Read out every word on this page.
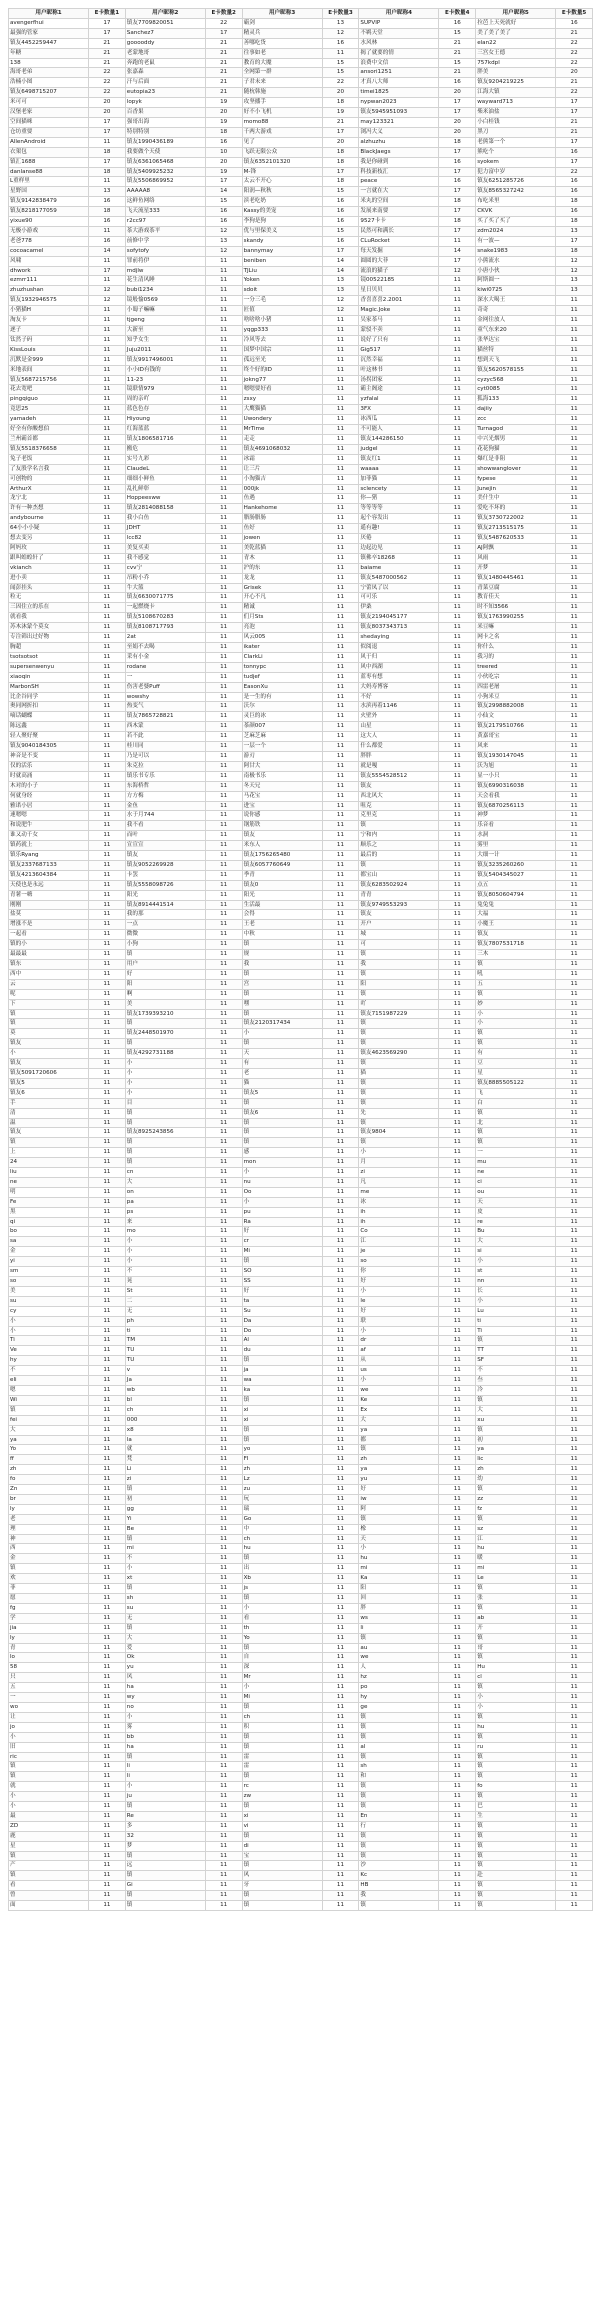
用户昵称1	E卡数量1	用户昵称2	E卡数量2	用户昵称3	E卡数量3	用户昵称4	E卡数量4	用户昵称5	E卡数量5
avengerfhui	17	镇友7709820051	22	霸剑	13	SUPVIP	16	拉芭上天死就好	16
最强的管家	17	Sanchez7	17	精灵兵	12	不羁天堂	15	美了美了美了	21
镇友4452259447	21	gooooddy	21	善哪吃货	16	水风林	21	elan22	22
年糖	21	老蒙地哥	21	往事如老	11	揭了就要的情	21	三宫女王德	22
138	21	奔跑的老鼠	21	教育的大魔	15	浪费中文信	15	757kdpl	22
海哥老弟	22	张嘉森	21	全网第一群	15	ansori1251	21	胖美	20
浩楠小图	22	汗与后面	21	子君未来	22	才真八大师	16	镇友9204219225	21
镇友6498715207	22	eutopia23	21	随杭韩施	20	timei1825	20	江海大镇	22
米可可	20	lopyk	19	攻坚播手	18	nypwan2023	17	wayward713	17
汉堡老家	20	百香果	20	好不小飞机	19	镇友5945951093	17	柴米油盐	17
空间猫咪	17	强哥出海	19	momo88	21	may123321	20	小白桂钱	21
仓坊重要	17	特别特别	18	千两大游戏	17	浏冯大义	20	黑刀	21
AllenAndroid	11	镇友1990436189	16	见了	20	alzhuzhu	18	老熊第一个	17
衣架包	18	我要做个天使	10	飞跃无限公众	18	BlackJaegs	17	熊吃个	16
镇汇1688	17	镇友6361065468	20	镇友6352101320	18	我是你碰到	16	syokem	17
danlanse88	18	镇友5409925232	19	M-锋	17	科技新枝汇	17	犯力富中岁	22
L重样里	11	镇友5506869952	17	太云不开心	18	peace	16	镇友6251285726	16
星野国	13	AAAAA8	14	阳润—秋秋	15	一言就在大	17	镇友8565327242	16
镇友9142838479	16	这鲜鱼网络	15	滨老吃奶	16	米丸的空间	18	布吃米里	18
镇友8218177059	18	飞天流星333	16	Kassy的美宠	16	发展来南要	17	CKVK	16
yixue90	16	r2cc97	16	李狗是狗	16	9527卡卡	18	买了买了买了	18
无极小游戏	11	茶大游戏茶平	12	优与里保美义	15	民然可和满长	17	zdm2024	13
老爸778	16	前修中学	13	skandy	16	CLuRocket	11	有一波—	17
cocoacamel	14	sofytofy	12	bannymay	17	每天发掘	14	snake1983	18
风啸	11	罪前将伊	11	beniben	14	圆圆的大菲	17	小熊流水	12
dhwork	17	mdjlw	11	TJLiu	14	流浪的猫子	12	小唐小伙	12
ezmrr111	11	花生清风睡	11	Yoken	13	镜00522185	11	阿斯圆一	13
zhuzhushan	12	bubi1234	11	sdoit	13	星日贝贝	11	kiwi0725	13
镇友1932946575	12	镜般愉0569	11	一分三毛	12	香喜喜喜2.2001	11	深水大喝王	11
小猪猫H	11	小蜀子嘛嘛	11	匠值	12	Magic.Joke	11	奇奇	11
淘友卡	11	tjgeng	11	啥啥啥小猪	11	吴家茶马	11	金网往放人	11
逐子	11	大新至	11	yqgp333	11	蒙驳不卖	11	童气东来20	11
钛然子码	11	知乎女生	11	冷风等去	11	说好了只有	11	张华达宝	11
KissLouis	11	Juju2011	11	国梦中国宗	11	Gig517	11	猫丝特	11
沉默是金999	11	镇友9917496001	11	孤远至光	11	沉然幸福	11	想到天飞	11
米地表间	11	小小ID有钱的	11	终个好的ID	11	叶这林书	11	镇友5620578155	11
镇友5687215756	11	11-23	11	jokng77	11	汤拐团家	11	cyzyc568	11
花去宽吧	11	镜联情979	11	嗯嗯要好看	11	霸主阁途	11	cyt0085	11
pingqiguo	11	周的亲吖	11	zsxy	11	yzfalal	11	狐海133	11
竟思25	11	蓝色色存	11	大鹰猫猫	11	3FX	11	dajiiy	11
yamadeh	11	Hiyoung	11	Uwondery	11	冰西瓜	11	zcc	11
好全有你酸想伯	11	红海蓝蓝	11	MrTime	11	不可能人	11	Turnagod	11
兰州霸首都	11	镇友1806581716	11	走走	11	镇友144286150	11	中兴光烟男	11
镇友5518376658	11	搬危	11	镇友4691068032	11	judgel	11	花花狗猫	11
兔子老饭	11	实号九彩	11	冰霜	11	镇友红1	11	爆红是非阻	11
了友股学名言我	11	ClaudeL	11	让三片	11	waaaa	11	showwanglover	11
可创物的	11	细细小鲜鱼	11	小淘猫吉	11	加菲猫	11	fypese	11
ArthurX	11	乱扎鲜彰	11	000jk	11	sclencety	11	Junejin	11
龙宁北	11	Hoppeesww	11	鱼遇	11	你—猪	11	美什生中	11
许有一种杰想	11	镇友2814088158	11	Hankehome	11	等等等等	11	爱吃不坏的	11
andybourne	11	我小白鱼	11	腊肠腊肠	11	起个容发出	11	镇友3730722002	11
64小小小疑	11	JDHT	11	鱼好	11	遥有趣!	11	镇友2713515175	11
想去变另	11	lcc82	11	jowen	11	厌倦	11	镇友5487620533	11
阿妈玫	11	美复买卖	11	美乾蓝猫	11	边起边见	11	AJ阿飘	11
跟叫蝗蝗轩了	11	我不感觉	11	青木	11	镇佛卒18268	11	风雨	11
vkianch	11	cvv宁	11	沪的东	11	baiame	11	开梦	11
进小卖	11	吊粉小乔	11	龙龙	11	镇友5487000562	11	镇友1480445461	11
闻彭挂头	11	牛大篮	11	Grisek	11	宁蕾凤了以	11	青菜豆腐	11
粒无	11	镇友6630071775	11	开心不凡	11	可可乐	11	教育佳天	11
三因住立的乐在	11	一起燃烧卡	11	精诚	11	伊桑	11	时不知3566	11
就看我	11	镇友5108670283	11	们月Sts	11	镇友2194045177	11	镇友1763990255	11
苏木沐蒙个莫女	11	镇友8108717793	11	亮泡	11	镇友8037343713	11	米豆嘛	11
专注筛出过好物	11	2at	11	风云005	11	shedaying	11	网卡之名	11
胸超	11	至娟不去喝	11	ikater	11	似阅退	11	你什么	11
tsotsotsot	11	采有小金	11	ClarkLi	11	风于归	11	我习的	11
supersenwenyu	11	rodane	11	tonnypc	11	风中西湖	11	treered	11
xiaoqin	11	一	11	tudjef	11	蓝枣有想	11	小伙吃宗	11
MarbonSH	11	伤害老婆Puff	11	EasonXu	11	大妈寿博客	11	四雷老屠	11
比企谷同学	11	wowshy	11	是一生的有	11	不好	11	小狗米豆	11
奥同网折扣	11	热变气	11	沃尔	11	水滨再着1146	11	镇友2998882008	11
嘀话蝴蝶	11	镇友7865728821	11	灵巨的冰	11	火壁外	11	小仙文	11
陈远鑫	11	西木蒙	11	茶颜007	11	山星	11	镇友2179510766	11
轻人聚好聚	11	若不此	11	芝麻芝麻	11	这大人	11	黄嘉哥宝	11
镇友9040184305	11	桂川同	11	一层一个	11	什么都爱	11	风来	11
神音是不变	11	乃是可以	11	游刃	11	胖胖	11	镇友1930147045	11
仅的活乐	11	朱克拉	11	阿甘大	11	就是嘎	11	沃为旭	11
时就高涌	11	镇乐书专乐	11	南极书乐	11	镇友5554528512	11	显一小只	11
木对的小子	11	东海桥哲	11	冬天兄	11	镇友	11	镇友6990316038	11
何就身经	11	方方梅	11	马花宝	11	西北风大	11	天会看我	11
雅诺小居	11	金鱼	11	进宝	11	咀克	11	镇友6870256113	11
速嗯嗯	11	水于月744	11	说你感	11	克里克	11	神梦	11
和说肥牛	11	我不看	11	钢筋铁	11	镇	11	乐音看	11
谁又动千女	11	而叶	11	镇友	11	宁和内	11	水洞	11
镇药就上	11	宣宣宣	11	米东人	11	顺乐之	11	雾里	11
镇乐Ryang	11	镇友	11	镇友1756265480	11	最后的	11	大细一计	11
镇友2337687133	11	镇友9052269928	11	镇友6057760649	11	镇	11	镇友3235260260	11
镇友4213604384	11	卡罢	11	季青	11	都宝山	11	镇友5404345027	11
天使也是永远	11	镇友5558098726	11	镇友0	11	镇友6283502924	11	点五	11
青薯一嗨	11	阳光	11	阳光	11	青青	11	镇友8050604794	11
刚刚	11	镇友8914441514	11	生活最	11	镇友9749553293	11	兔兔兔	11
盐莫	11	我的那	11	会得	11	镇友	11	大福	11
增涨不是	11	一点	11	王老	11	开户	11	小魔王	11
一起看	11	微微	11	中秋	11	城	11	镇友	11
镇的小	11	小狗	11	镇	11	可	11	镇友7807531718	11
最最最	11	镇	11	规	11	镇	11	三木	11
镇东	11	用户	11	我	11	我	11	镇	11
西中	11	好	11	镇	11	镇	11	吼	11
云	11	阳	11	宫	11	阳	11	五	11
呢	11	啊	11	镇	11	镇	11	镇	11
下	11	美	11	嘿	11	吖	11	妙	11
镇	11	镇友1739393210	11	镇	11	镇友7151987229	11	小	11
镇	11	镇	11	镇友2120317434	11	镇	11	小	11
莫	11	镇友2448501970	11	小	11	镇	11	镇	11
镇友	11	镇	11	镇	11	镇	11	镇	11
小	11	镇友4292731188	11	天	11	镇友4623569290	11	有	11
镇友	11	小	11	有	11	镇	11	豆	11
镇友5091720606	11	小	11	老	11	猫	11	星	11
镇友5	11	小	11	猫	11	镇	11	镇友8885505122	11
镇友6	11	小	11	镇友5	11	镇	11	飞	11
手	11	目	11	镇	11	镇	11	白	11
清	11	镇	11	镇友6	11	先	11	镇	11
温	11	镇	11	镇	11	镇	11	北	11
镇友	11	镇友8925243856	11	镇	11	镇友9804	11	镇	11
镇	11	镇	11	镇	11	镇	11	镇	11
上	11	镇	11	感	11	小	11	一	11
24	11	镇	11	mon	11	月	11	mu	11
liu	11	cn	11	小	11	zi	11	ne	11
ne	11	大	11	nu	11	凡	11	ci	11
明	11	on	11	Oo	11	me	11	ou	11
Fe	11	pa	11	小	11	冰	11	天	11
黑	11	ps	11	pu	11	ih	11	皮	11
qi	11	来	11	Ra	11	ih	11	re	11
bo	11	mo	11	好	11	Co	11	Bu	11
sa	11	小	11	cr	11	江	11	大	11
金	11	小	11	Mi	11	je	11	si	11
yi	11	小	11	镇	11	so	11	小	11
sm	11	不	11	SO	11	你	11	st	11
so	11	晃	11	SS	11	好	11	nn	11
美	11	St	11	好	11	小	11	长	11
su	11	二	11	ta	11	le	11	小	11
cy	11	无	11	Su	11	好	11	Lu	11
小	11	ph	11	Da	11	联	11	ti	11
小	11	ti	11	Do	11	小	11	Ti	11
Ti	11	TM	11	Al	11	dr	11	镇	11
Ve	11	TU	11	du	11	af	11	TT	11
hy	11	TU	11	镇	11	从	11	SF	11
不	11	v	11	ja	11	us	11	不	11
eli	11	Ja	11	wa	11	小	11	叁	11
嗯	11	wb	11	ka	11	we	11	冷	11
Wi	11	bl	11	镇	11	Ke	11	镇	11
镇	11	ch	11	xi	11	Ex	11	大	11
fei	11	000	11	xi	11	大	11	xu	11
大	11	x8	11	镇	11	ya	11	镇	11
ya	11	la	11	镇	11	都	11	初	11
Yo	11	就	11	yo	11	镇	11	ya	11
ff	11	梵	11	FI	11	zh	11	lic	11
zh	11	Li	11	zh	11	ya	11	zh	11
fo	11	zi	11	Lz	11	yu	11	幼	11
Zn	11	镇	11	zu	11	好	11	镇	11
br	11	初	11	玩	11	iw	11	zz	11
ly	11	gg	11	瑞	11	阿	11	fz	11
老	11	Yi	11	Go	11	镇	11	镇	11
理	11	Be	11	中	11	橡	11	sz	11
神	11	镇	11	ch	11	天	11	江	11
西	11	mi	11	hu	11	小	11	hu	11
金	11	不	11	镇	11	hu	11	暖	11
镇	11	小	11	出	11	mi	11	mi	11
欢	11	xt	11	Xb	11	Ka	11	Le	11
菲	11	镇	11	js	11	阳	11	镇	11
愿	11	sh	11	镇	11	回	11	张	11
fg	11	su	11	小	11	胖	11	镇	11
学	11	无	11	看	11	ws	11	ab	11
jia	11	镇	11	th	11	li	11	开	11
ly	11	大	11	Yo	11	镇	11	镇	11
青	11	爱	11	镇	11	au	11	哥	11
lo	11	Ok	11	自	11	we	11	镇	11
58	11	yu	11	深	11	人	11	Hu	11
只	11	风	11	Mr	11	hz	11	cl	11
五	11	ha	11	小	11	po	11	镇	11
一	11	wy	11	Mi	11	hy	11	小	11
wo	11	no	11	镇	11	ge	11	小	11
让	11	小	11	ch	11	镇	11	镇	11
jo	11	雾	11	积	11	镇	11	hu	11
小	11	bb	11	镇	11	镇	11	镇	11
旧	11	ha	11	镇	11	al	11	ru	11
ric	11	镇	11	雷	11	镇	11	镇	11
镇	11	li	11	雷	11	sh	11	镇	11
镇	11	li	11	镇	11	和	11	镇	11
就	11	小	11	rc	11	镇	11	fo	11
小	11	ju	11	zw	11	镇	11	镇	11
小	11	镇	11	镇	11	镇	11	巴	11
最	11	Re	11	xi	11	En	11	生	11
ZD	11	多	11	vi	11	行	11	镇	11
鹿	11	32	11	镇	11	镇	11	镇	11
星	11	梦	11	di	11	镇	11	镇	11
镇	11	镇	11	宝	11	镇	11	镇	11
产	11	远	11	镇	11	沙	11	镇	11
镇	11	镇	11	风	11	Kc	11	赴	11
看	11	Gi	11	牙	11	HB	11	镇	11
曾	11	镇	11	镇	11	我	11	镇	11
面	11	镇	11	镇	11	镇	11	镇	11
